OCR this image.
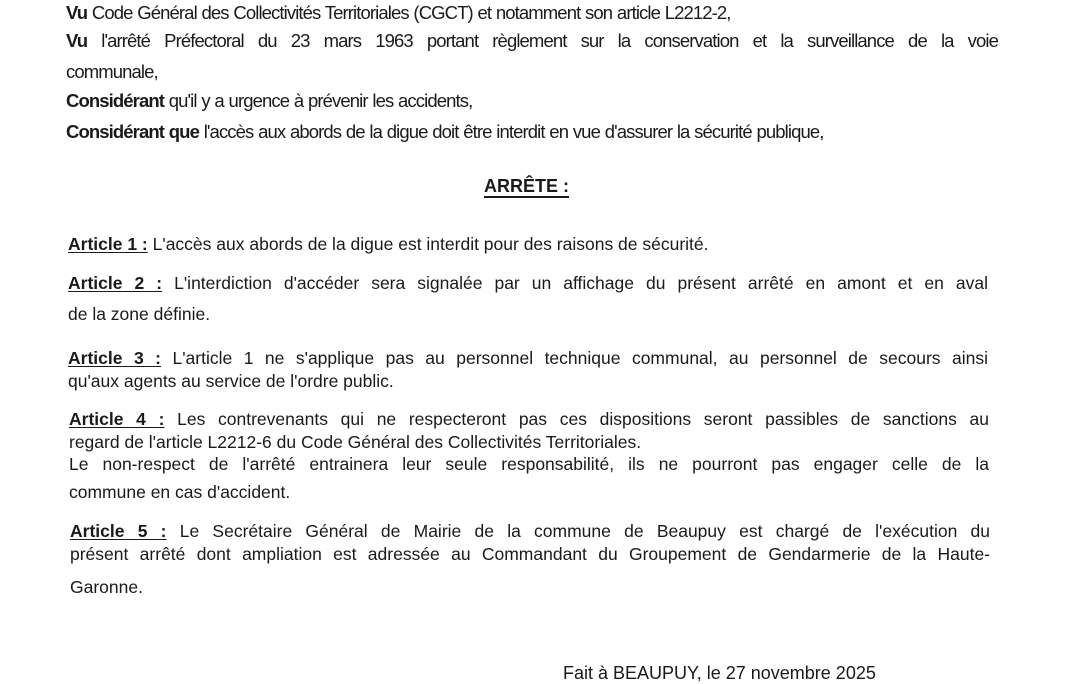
Vu Code Général des Collectivités Territoriales (CGCT) et notamment son article L2212-2,
Vu l'arrêté Préfectoral du 23 mars 1963 portant règlement sur la conservation et la surveillance de la voie
communale,
Considérant qu'il y a urgence à prévenir les accidents,
Considérant que l'accès aux abords de la digue doit être interdit en vue d'assurer la sécurité publique,
ARRÊTE :
Article 1 : L'accès aux abords de la digue est interdit pour des raisons de sécurité.
Article 2 : L'interdiction d'accéder sera signalée par un affichage du présent arrêté en amont et en aval
de la zone définie.
Article 3 : L'article 1 ne s'applique pas au personnel technique communal, au personnel de secours ainsi
qu'aux agents au service de l'ordre public.
Article 4 : Les contrevenants qui ne respecteront pas ces dispositions seront passibles de sanctions au
regard de l'article L2212-6 du Code Général des Collectivités Territoriales.
Le non-respect de l'arrêté entrainera leur seule responsabilité, ils ne pourront pas engager celle de la
commune en cas d'accident.
Article 5 : Le Secrétaire Général de Mairie de la commune de Beaupuy est chargé de l'exécution du
présent arrêté dont ampliation est adressée au Commandant du Groupement de Gendarmerie de la Haute-
Garonne.
Fait à BEAUPUY, le 27 novembre 2025
